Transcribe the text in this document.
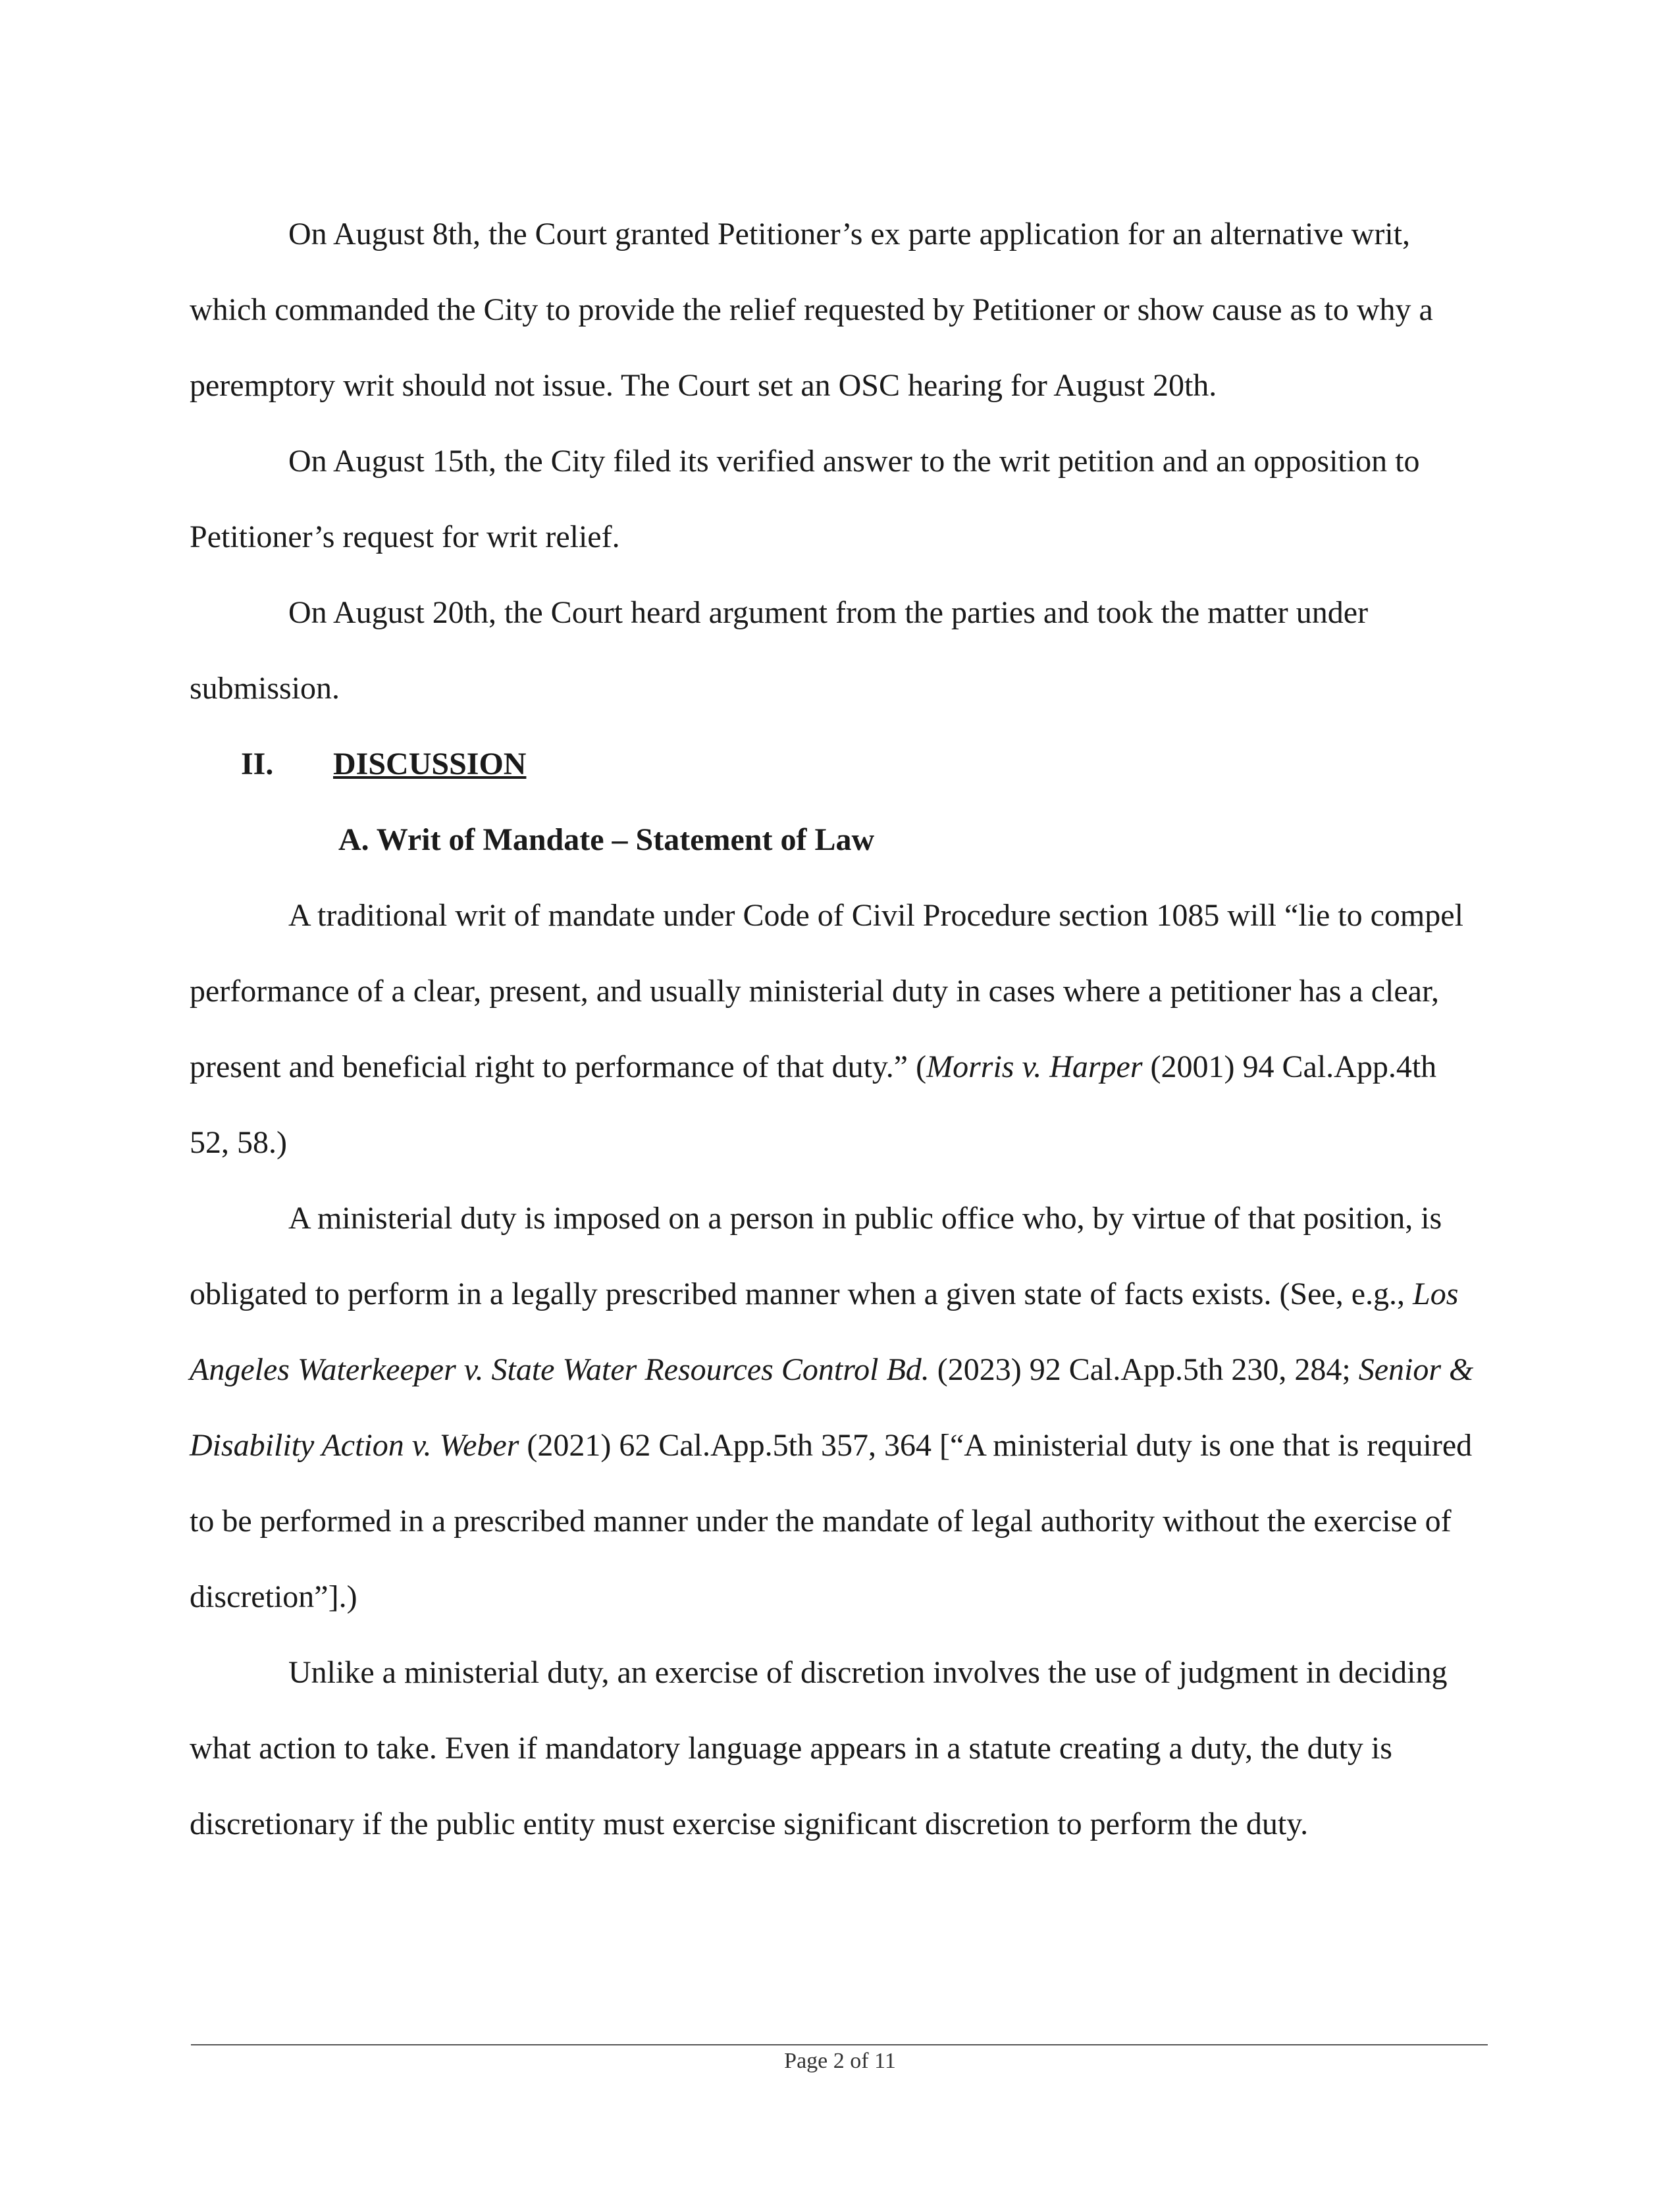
On August 8th, the Court granted Petitioner’s ex parte application for an alternative writ, which commanded the City to provide the relief requested by Petitioner or show cause as to why a peremptory writ should not issue. The Court set an OSC hearing for August 20th.

On August 15th, the City filed its verified answer to the writ petition and an opposition to Petitioner’s request for writ relief.

On August 20th, the Court heard argument from the parties and took the matter under submission.

II.	DISCUSSION

A. Writ of Mandate – Statement of Law

A traditional writ of mandate under Code of Civil Procedure section 1085 will “lie to compel performance of a clear, present, and usually ministerial duty in cases where a petitioner has a clear, present and beneficial right to performance of that duty.” (Morris v. Harper (2001) 94 Cal.App.4th 52, 58.)

A ministerial duty is imposed on a person in public office who, by virtue of that position, is obligated to perform in a legally prescribed manner when a given state of facts exists. (See, e.g., Los Angeles Waterkeeper v. State Water Resources Control Bd. (2023) 92 Cal.App.5th 230, 284; Senior & Disability Action v. Weber (2021) 62 Cal.App.5th 357, 364 [“A ministerial duty is one that is required to be performed in a prescribed manner under the mandate of legal authority without the exercise of discretion”].)

Unlike a ministerial duty, an exercise of discretion involves the use of judgment in deciding what action to take. Even if mandatory language appears in a statute creating a duty, the duty is discretionary if the public entity must exercise significant discretion to perform the duty.

Page 2 of 11
